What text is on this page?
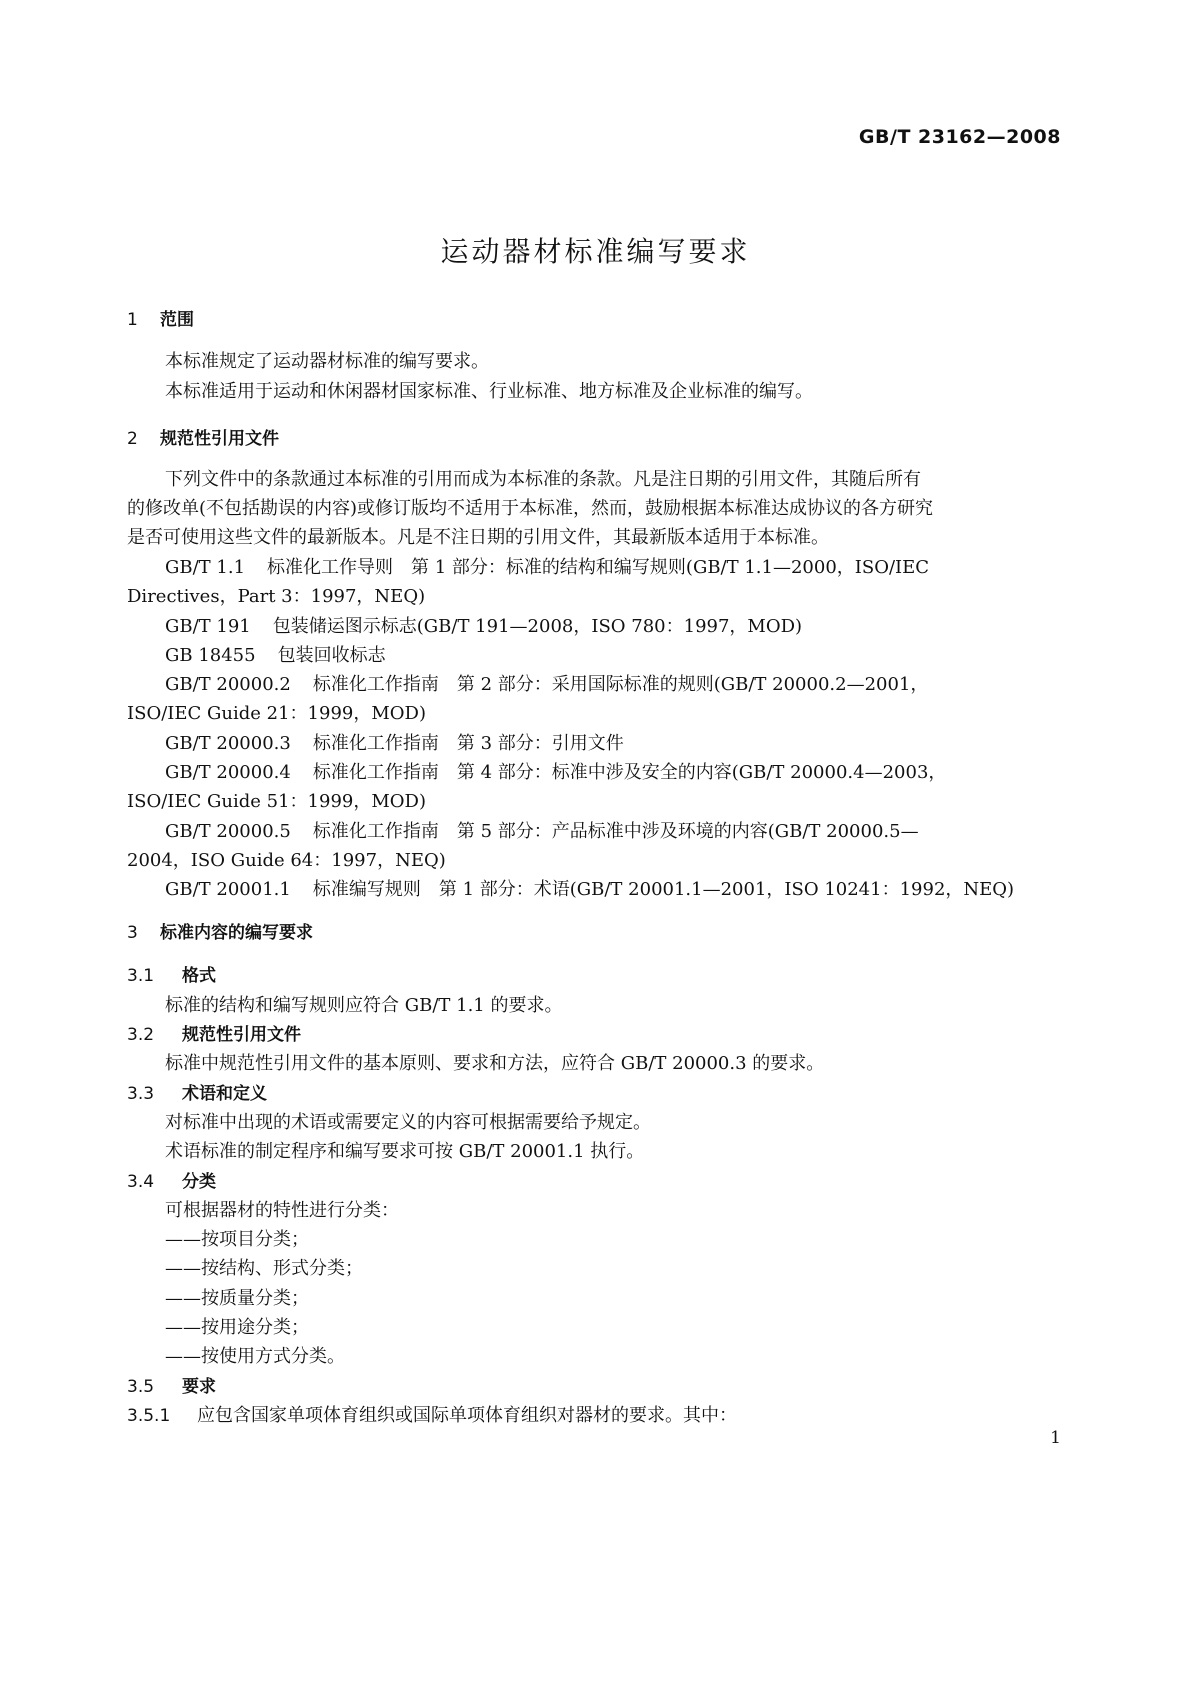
GB/T 23162—2008
运动器材标准编写要求
1 范围
本标准规定了运动器材标准的编写要求。
本标准适用于运动和休闲器材国家标准、行业标准、地方标准及企业标准的编写。
2 规范性引用文件
下列文件中的条款通过本标准的引用而成为本标准的条款。凡是注日期的引用文件，其随后所有
的修改单(不包括勘误的内容)或修订版均不适用于本标准，然而，鼓励根据本标准达成协议的各方研究
是否可使用这些文件的最新版本。凡是不注日期的引用文件，其最新版本适用于本标准。
GB/T 1.1 标准化工作导则　第 1 部分：标准的结构和编写规则(GB/T 1.1—2000，ISO/IEC
Directives，Part 3：1997，NEQ)
GB/T 191 包装储运图示标志(GB/T 191—2008，ISO 780：1997，MOD)
GB 18455 包装回收标志
GB/T 20000.2 标准化工作指南　第 2 部分：采用国际标准的规则(GB/T 20000.2—2001，
ISO/IEC Guide 21：1999，MOD)
GB/T 20000.3 标准化工作指南　第 3 部分：引用文件
GB/T 20000.4 标准化工作指南　第 4 部分：标准中涉及安全的内容(GB/T 20000.4—2003，
ISO/IEC Guide 51：1999，MOD)
GB/T 20000.5 标准化工作指南　第 5 部分：产品标准中涉及环境的内容(GB/T 20000.5—
2004，ISO Guide 64：1997，NEQ)
GB/T 20001.1 标准编写规则　第 1 部分：术语(GB/T 20001.1—2001，ISO 10241：1992，NEQ)
3 标准内容的编写要求
3.1 格式
标准的结构和编写规则应符合 GB/T 1.1 的要求。
3.2 规范性引用文件
标准中规范性引用文件的基本原则、要求和方法，应符合 GB/T 20000.3 的要求。
3.3 术语和定义
对标准中出现的术语或需要定义的内容可根据需要给予规定。
术语标准的制定程序和编写要求可按 GB/T 20001.1 执行。
3.4 分类
可根据器材的特性进行分类：
——按项目分类；
——按结构、形式分类；
——按质量分类；
——按用途分类；
——按使用方式分类。
3.5 要求
3.5.1 应包含国家单项体育组织或国际单项体育组织对器材的要求。其中：
1
